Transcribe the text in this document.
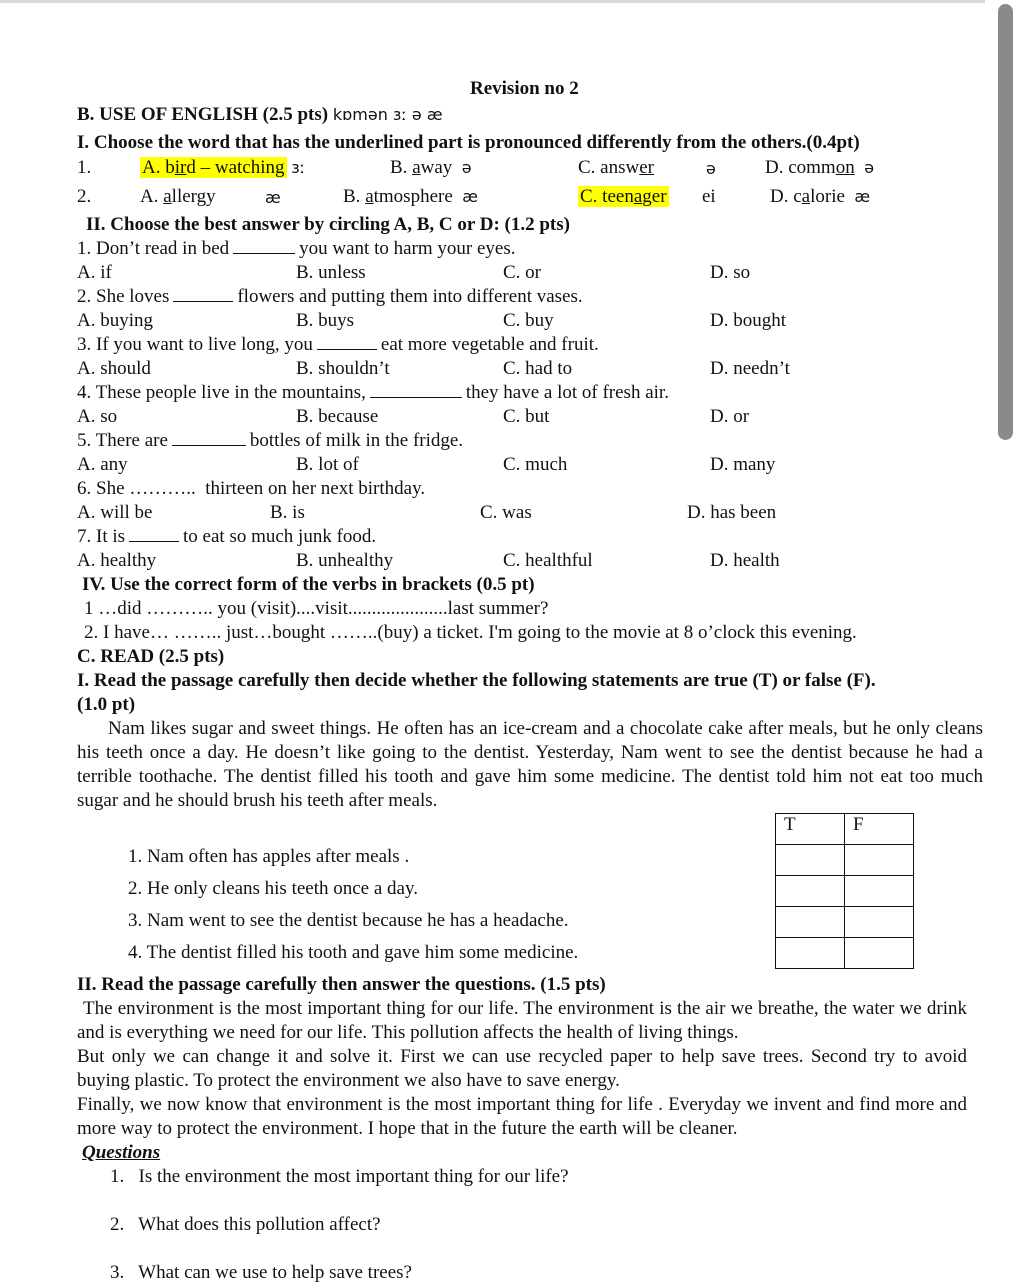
Revision no 2
B. USE OF ENGLISH (2.5 pts) kɒmən ɜː ə æ
I. Choose the word that has the underlined part is pronounced differently from the others.(0.4pt)
1.	A. bird – watching ɜː	B. away ə	C. answer	ə	D. common ə
2.	A. allergy	æ	B. atmosphere æ	C. teenager ei	D. calorie æ
II. Choose the best answer by circling A, B, C or D: (1.2 pts)
1. Don’t read in bed	you want to harm your eyes.
A. if	B. unless	C. or	D. so
2. She loves	flowers and putting them into different vases.
A. buying	B. buys	C. buy	D. bought
3. If you want to live long, you	eat more vegetable and fruit.
A. should	B. shouldn’t	C. had to	D. needn’t
4. These people live in the mountains,	they have a lot of fresh air.
A. so	B. because	C. but	D. or
5. There are	bottles of milk in the fridge.
A. any	B. lot of	C. much	D. many
6. She ……….. thirteen on her next birthday.
A. will be	B. is	C. was	D. has been
7. It is	to eat so much junk food.
A. healthy	B. unhealthy	C. healthful	D. health
IV. Use the correct form of the verbs in brackets (0.5 pt)
1 …did ……….. you (visit)....visit.....................last summer?
2. I have… …….. just…bought ……..(buy) a ticket. I'm going to the movie at 8 o’clock this evening.
C. READ (2.5 pts)
I. Read the passage carefully then decide whether the following statements are true (T) or false (F).
(1.0 pt)
Nam likes sugar and sweet things. He often has an ice-cream and a chocolate cake after meals, but he only cleans his teeth once a day. He doesn’t like going to the dentist. Yesterday, Nam went to see the dentist because he had a terrible toothache. The dentist filled his tooth and gave him some medicine. The dentist told him not eat too much sugar and he should brush his teeth after meals.
1. Nam often has apples after meals .
2. He only cleans his teeth once a day.
3. Nam went to see the dentist because he has a headache.
4. The dentist filled his tooth and gave him some medicine.
T	F

II. Read the passage carefully then answer the questions. (1.5 pts)
The environment is the most important thing for our life. The environment is the air we breathe, the water we drink and is everything we need for our life. This pollution affects the health of living things.
But only we can change it and solve it. First we can use recycled paper to help save trees. Second try to avoid buying plastic. To protect the environment we also have to save energy.
Finally, we now know that environment is the most important thing for life . Everyday we invent and find more and more way to protect the environment. I hope that in the future the earth will be cleaner.
Questions
1. Is the environment the most important thing for our life?
2. What does this pollution affect?
3. What can we use to help save trees?
